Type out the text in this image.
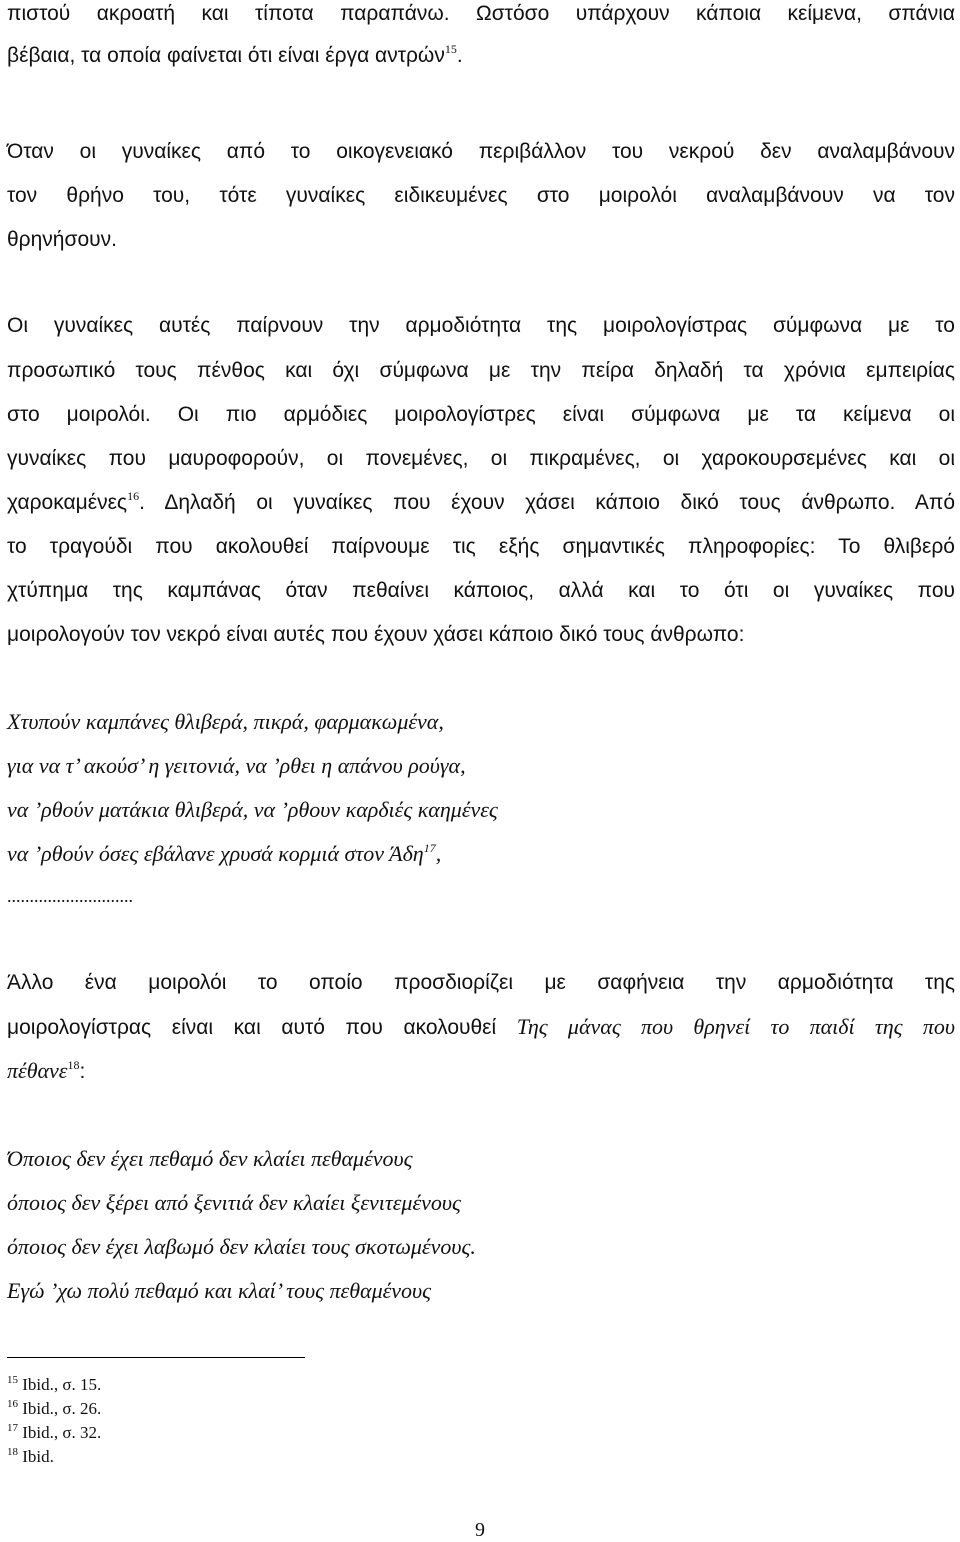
πιστού ακροατή και τίποτα παραπάνω. Ωστόσο υπάρχουν κάποια κείμενα, σπάνια
βέβαια, τα οποία φαίνεται ότι είναι έργα αντρών$^{15}$.
Όταν οι γυναίκες από το οικογενειακό περιβάλλον του νεκρού δεν αναλαμβάνουν
τον θρήνο του, τότε γυναίκες ειδικευμένες στο μοιρολόι αναλαμβάνουν να τον
θρηνήσουν.
Οι γυναίκες αυτές παίρνουν την αρμοδιότητα της μοιρολογίστρας σύμφωνα με το
προσωπικό τους πένθος και όχι σύμφωνα με την πείρα δηλαδή τα χρόνια εμπειρίας
στο μοιρολόι. Οι πιο αρμόδιες μοιρολογίστρες είναι σύμφωνα με τα κείμενα οι
γυναίκες που μαυροφορούν, οι πονεμένες, οι πικραμένες, οι χαροκουρσεμένες και οι
χαροκαμένες$^{16}$. Δηλαδή οι γυναίκες που έχουν χάσει κάποιο δικό τους άνθρωπο. Από
το τραγούδι που ακολουθεί παίρνουμε τις εξής σημαντικές πληροφορίες: Το θλιβερό
χτύπημα της καμπάνας όταν πεθαίνει κάποιος, αλλά και το ότι οι γυναίκες που
μοιρολογούν τον νεκρό είναι αυτές που έχουν χάσει κάποιο δικό τους άνθρωπο:
Χτυπούν καμπάνες θλιβερά, πικρά, φαρμακωμένα,
για να τ’ ακούσ’ η γειτονιά, να ’ρθει η απάνου ρούγα,
να ’ρθούν ματάκια θλιβερά, να ’ρθουν καρδιές καημένες
να ’ρθούν όσες εβάλανε χρυσά κορμιά στον Άδη$^{17}$,
............................
Άλλο ένα μοιρολόι το οποίο προσδιορίζει με σαφήνεια την αρμοδιότητα της
μοιρολογίστρας είναι και αυτό που ακολουθεί Της μάνας που θρηνεί το παιδί της που
πέθανε$^{18}$:
Όποιος δεν έχει πεθαμό δεν κλαίει πεθαμένους
όποιος δεν ξέρει από ξενιτιά δεν κλαίει ξενιτεμένους
όποιος δεν έχει λαβωμό δεν κλαίει τους σκοτωμένους.
Εγώ ’χω πολύ πεθαμό και κλαί’ τους πεθαμένους
$^{15}$ Ibid., σ. 15.
$^{16}$ Ibid., σ. 26.
$^{17}$ Ibid., σ. 32.
$^{18}$ Ibid.
9
